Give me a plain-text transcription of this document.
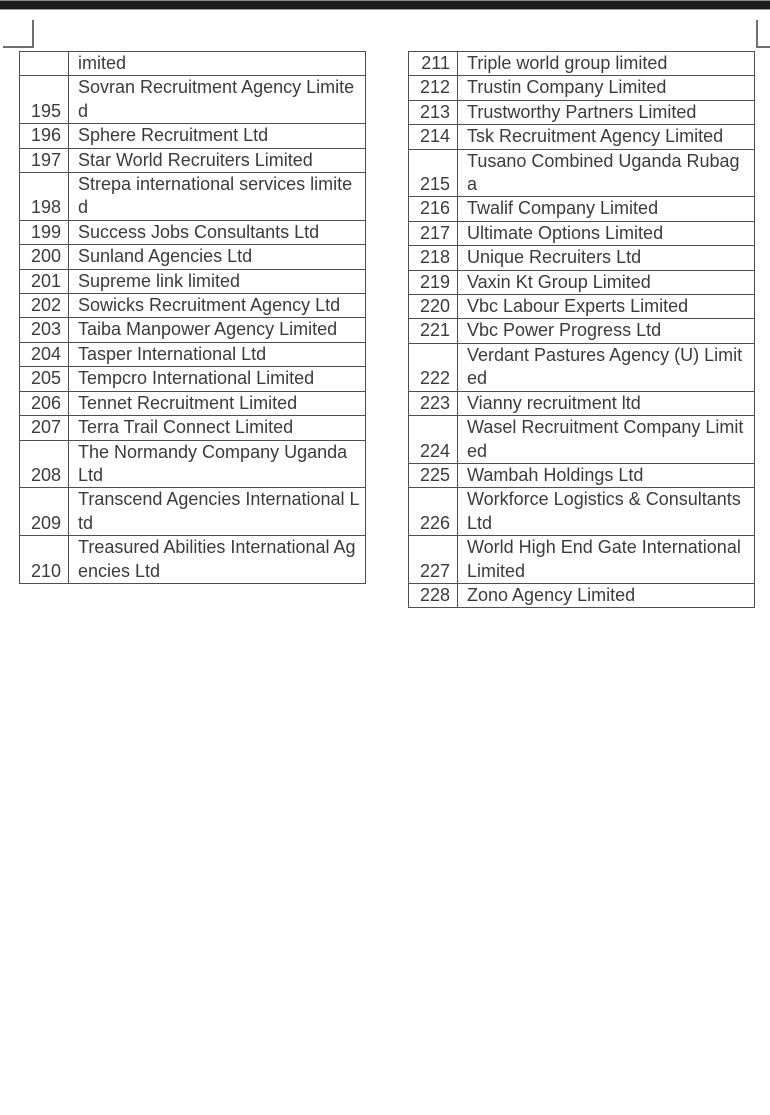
	imited
195	Sovran Recruitment Agency Limited
196	Sphere Recruitment Ltd
197	Star World Recruiters Limited
198	Strepa international services limited
199	Success Jobs Consultants Ltd
200	Sunland Agencies Ltd
201	Supreme link limited
202	Sowicks Recruitment Agency Ltd
203	Taiba Manpower Agency Limited
204	Tasper International Ltd
205	Tempcro International Limited
206	Tennet Recruitment Limited
207	Terra Trail Connect Limited
208	The Normandy Company Uganda Ltd
209	Transcend Agencies International Ltd
210	Treasured Abilities International Agencies Ltd
211	Triple world group limited
212	Trustin Company Limited
213	Trustworthy Partners Limited
214	Tsk Recruitment Agency Limited
215	Tusano Combined Uganda Rubaga
216	Twalif Company Limited
217	Ultimate Options Limited
218	Unique Recruiters Ltd
219	Vaxin Kt Group Limited
220	Vbc Labour Experts Limited
221	Vbc Power Progress Ltd
222	Verdant Pastures Agency (U) Limited
223	Vianny recruitment ltd
224	Wasel Recruitment Company Limited
225	Wambah Holdings Ltd
226	Workforce Logistics & Consultants Ltd
227	World High End Gate International Limited
228	Zono Agency Limited
